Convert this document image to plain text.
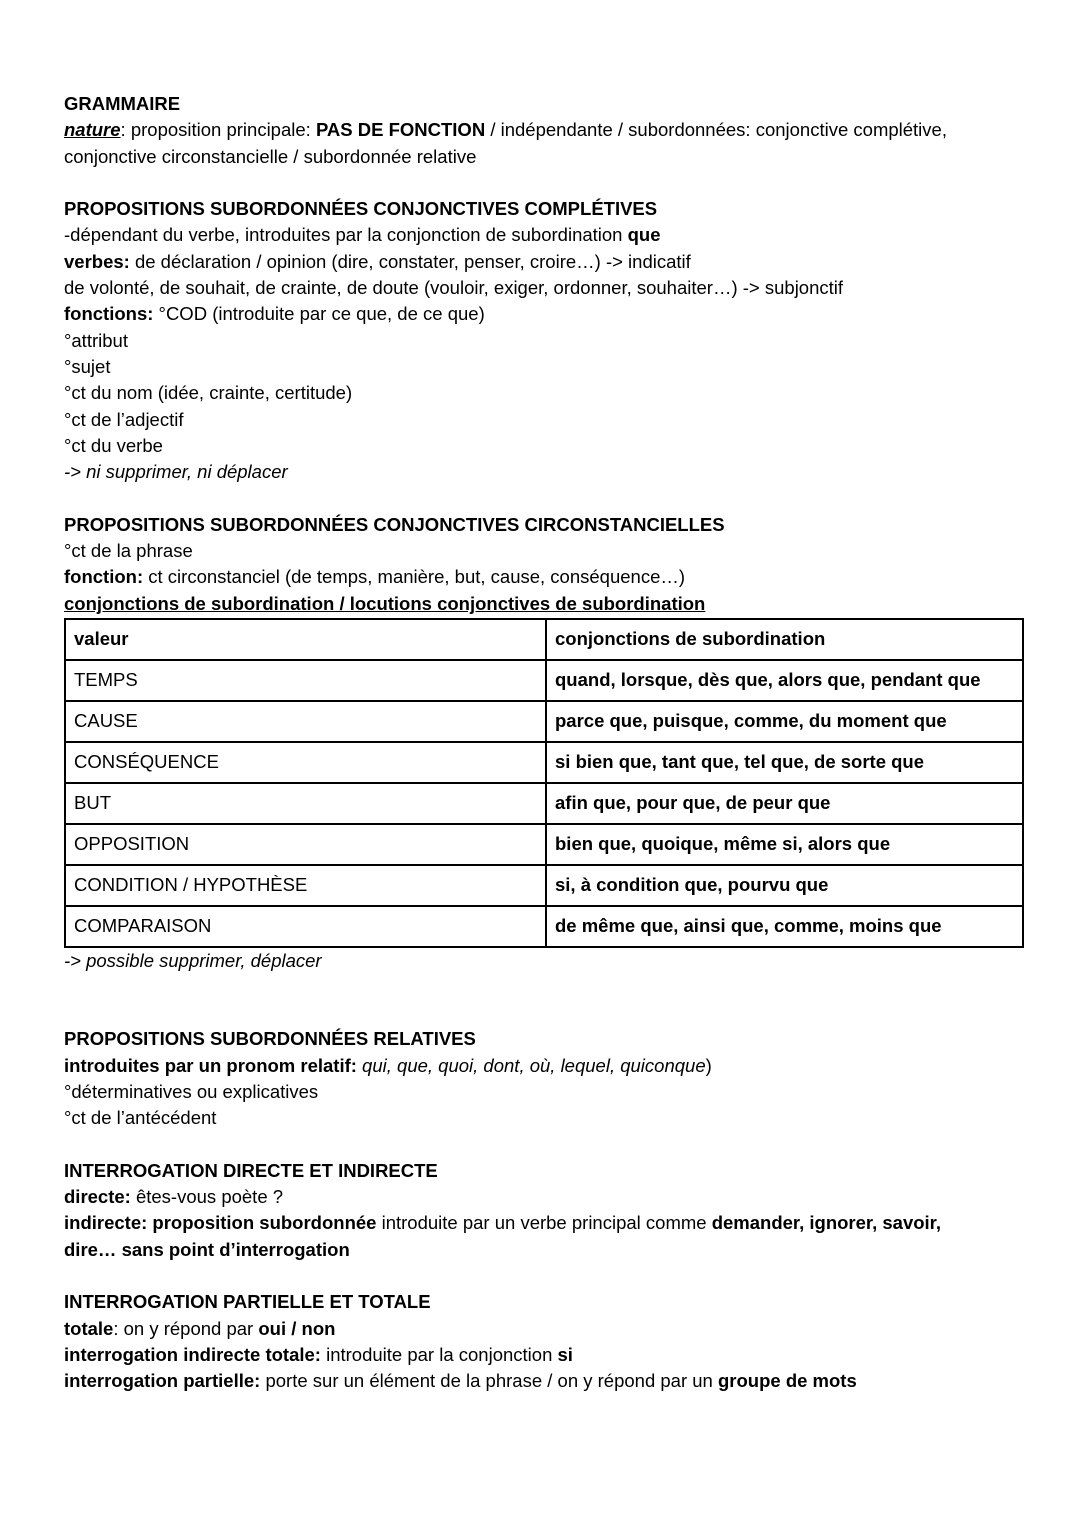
GRAMMAIRE
nature: proposition principale: PAS DE FONCTION / indépendante / subordonnées: conjonctive complétive,
conjonctive circonstancielle / subordonnée relative
PROPOSITIONS SUBORDONNÉES CONJONCTIVES COMPLÉTIVES
-dépendant du verbe, introduites par la conjonction de subordination que
verbes: de déclaration / opinion (dire, constater, penser, croire…) -> indicatif
de volonté, de souhait, de crainte, de doute (vouloir, exiger, ordonner, souhaiter…) -> subjonctif
fonctions: °COD (introduite par ce que, de ce que)
°attribut
°sujet
°ct du nom (idée, crainte, certitude)
°ct de l’adjectif
°ct du verbe
-> ni supprimer, ni déplacer
PROPOSITIONS SUBORDONNÉES CONJONCTIVES CIRCONSTANCIELLES
°ct de la phrase
fonction: ct circonstanciel (de temps, manière, but, cause, conséquence…)
conjonctions de subordination / locutions conjonctives de subordination
valeur	conjonctions de subordination
TEMPS	quand, lorsque, dès que, alors que, pendant que
CAUSE	parce que, puisque, comme, du moment que
CONSÉQUENCE	si bien que, tant que, tel que, de sorte que
BUT	afin que, pour que, de peur que
OPPOSITION	bien que, quoique, même si, alors que
CONDITION / HYPOTHÈSE	si, à condition que, pourvu que
COMPARAISON	de même que, ainsi que, comme, moins que
-> possible supprimer, déplacer
PROPOSITIONS SUBORDONNÉES RELATIVES
introduites par un pronom relatif: qui, que, quoi, dont, où, lequel, quiconque)
°déterminatives ou explicatives
°ct de l’antécédent
INTERROGATION DIRECTE ET INDIRECTE
directe: êtes-vous poète ?
indirecte: proposition subordonnée introduite par un verbe principal comme demander, ignorer, savoir,
dire… sans point d’interrogation
INTERROGATION PARTIELLE ET TOTALE
totale: on y répond par oui / non
interrogation indirecte totale: introduite par la conjonction si
interrogation partielle: porte sur un élément de la phrase / on y répond par un groupe de mots
